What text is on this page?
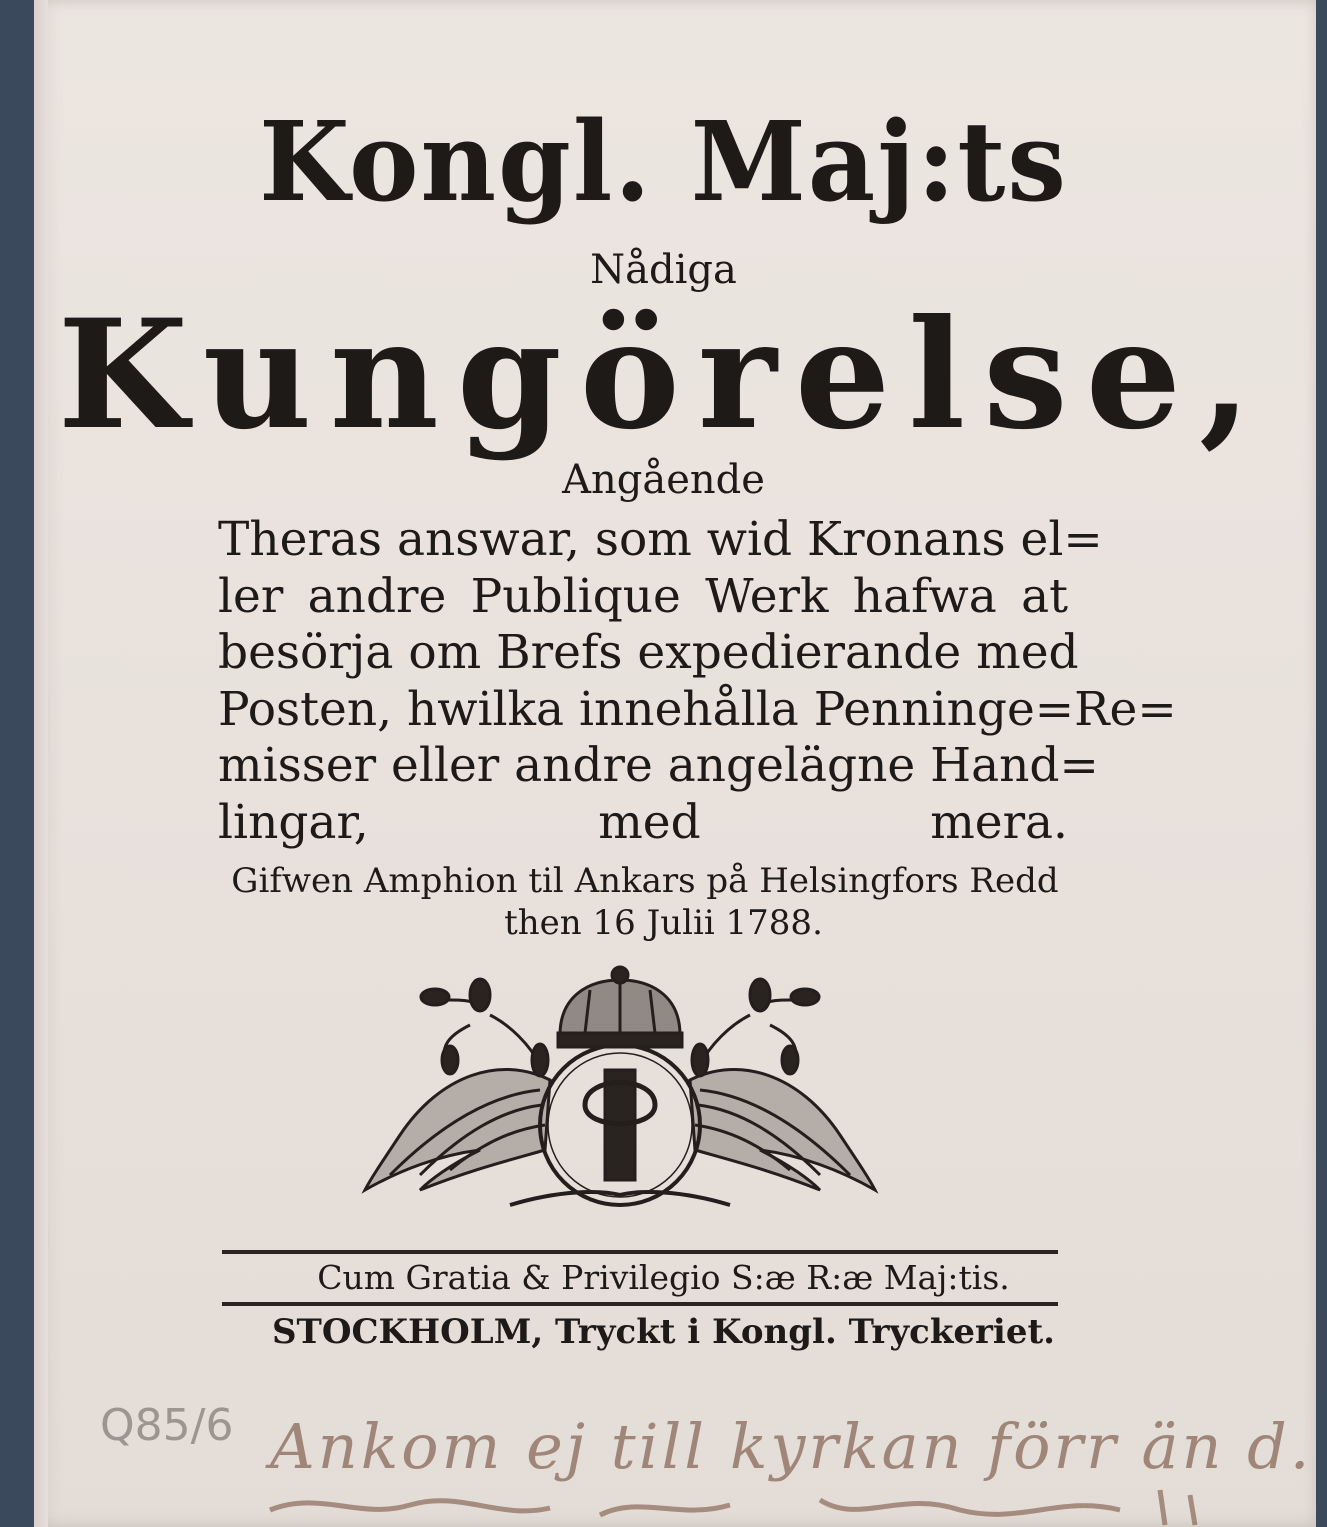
Kongl. Maj:ts
Nådiga
Kungörelse,
Angående
Theras answar, som wid Kronans el=
ler andre Publique Werk hafwa at
besörja om Brefs expedierande med
Posten, hwilka innehålla Penninge=Re=
misser eller andre angelägne Hand=
lingar, med mera.
Gifwen Amphion til Ankars på Helsingfors Redd
then 16 Julii 1788.
Cum Gratia & Privilegio S:æ R:æ Maj:tis.
STOCKHOLM, Tryckt i Kongl. Tryckeriet.
Q85/6 Ankom ej till kyrkan förr än d.
